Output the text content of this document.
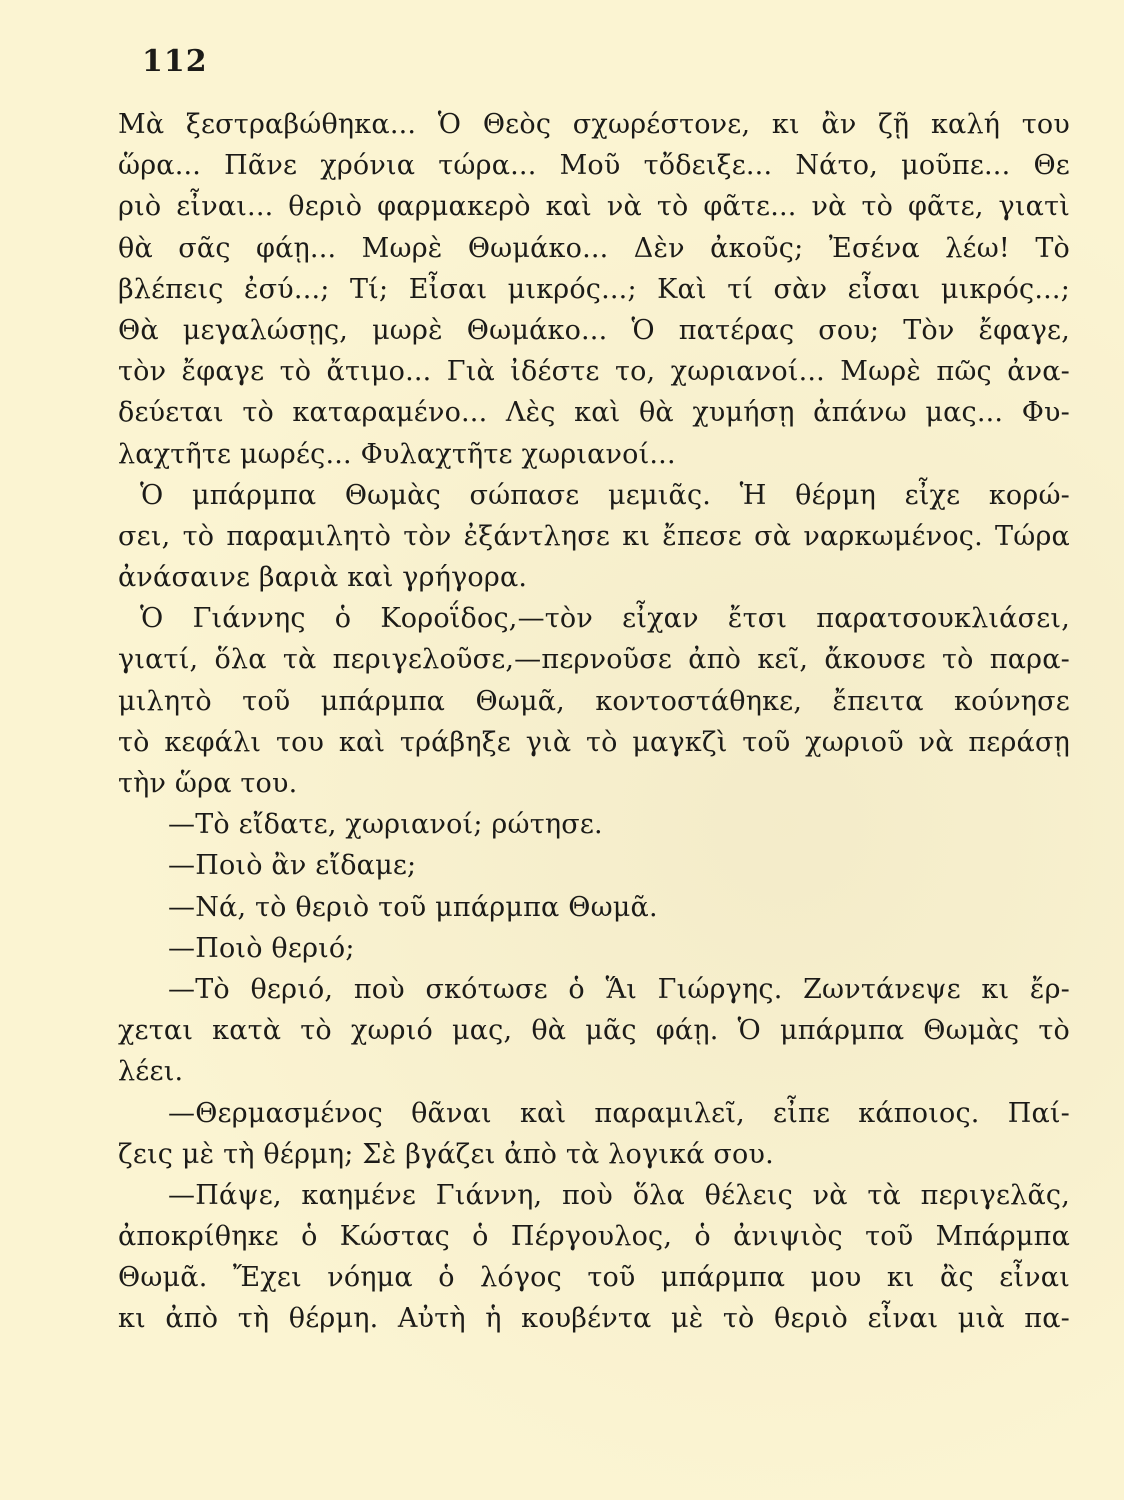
112
Μὰ ξεστραβώθηκα... Ὁ Θεὸς σχωρέστονε, κι ἂν ζῇ καλή του
ὥρα... Πᾶνε χρόνια τώρα... Μοῦ τὄδειξε... Νάτο, μοῦπε... Θε
ριὸ εἶναι... θεριὸ φαρμακερὸ καὶ νὰ τὸ φᾶτε... νὰ τὸ φᾶτε, γιατὶ
θὰ σᾶς φάῃ... Μωρὲ Θωμάκο... Δὲν ἀκοῦς; Ἐσένα λέω! Τὸ
βλέπεις ἐσύ...; Τί; Εἶσαι μικρός...; Καὶ τί σὰν εἶσαι μικρός...;
Θὰ μεγαλώσῃς, μωρὲ Θωμάκο... Ὁ πατέρας σου; Τὸν ἔφαγε,
τὸν ἔφαγε τὸ ἄτιμο... Γιὰ ἰδέστε το, χωριανοί... Μωρὲ πῶς ἀνα-
δεύεται τὸ καταραμένο... Λὲς καὶ θὰ χυμήσῃ ἀπάνω μας... Φυ-
λαχτῆτε μωρές... Φυλαχτῆτε χωριανοί...
Ὁ μπάρμπα Θωμὰς σώπασε μεμιᾶς. Ἡ θέρμη εἶχε κορώ-
σει, τὸ παραμιλητὸ τὸν ἐξάντλησε κι ἔπεσε σὰ ναρκωμένος. Τώρα
ἀνάσαινε βαριὰ καὶ γρήγορα.
Ὁ Γιάννης ὁ Κοροΐδος,—τὸν εἶχαν ἔτσι παρατσουκλιάσει,
γιατί, ὅλα τὰ περιγελοῦσε,—περνοῦσε ἀπὸ κεῖ, ἄκουσε τὸ παρα-
μιλητὸ τοῦ μπάρμπα Θωμᾶ, κοντοστάθηκε, ἔπειτα κούνησε
τὸ κεφάλι του καὶ τράβηξε γιὰ τὸ μαγκζὶ τοῦ χωριοῦ νὰ περάσῃ
τὴν ὥρα του.
—Τὸ εἴδατε, χωριανοί; ρώτησε.
—Ποιὸ ἂν εἴδαμε;
—Νά, τὸ θεριὸ τοῦ μπάρμπα Θωμᾶ.
—Ποιὸ θεριό;
—Τὸ θεριό, ποὺ σκότωσε ὁ Ἅι Γιώργης. Ζωντάνεψε κι ἔρ-
χεται κατὰ τὸ χωριό μας, θὰ μᾶς φάῃ. Ὁ μπάρμπα Θωμὰς τὸ
λέει.
—Θερμασμένος θᾶναι καὶ παραμιλεῖ, εἶπε κάποιος. Παί-
ζεις μὲ τὴ θέρμη; Σὲ βγάζει ἀπὸ τὰ λογικά σου.
—Πάψε, καημένε Γιάννη, ποὺ ὅλα θέλεις νὰ τὰ περιγελᾶς,
ἀποκρίθηκε ὁ Κώστας ὁ Πέργουλος, ὁ ἀνιψιὸς τοῦ Μπάρμπα
Θωμᾶ. Ἔχει νόημα ὁ λόγος τοῦ μπάρμπα μου κι ἂς εἶναι
κι ἀπὸ τὴ θέρμη. Αὐτὴ ἡ κουβέντα μὲ τὸ θεριὸ εἶναι μιὰ πα-
